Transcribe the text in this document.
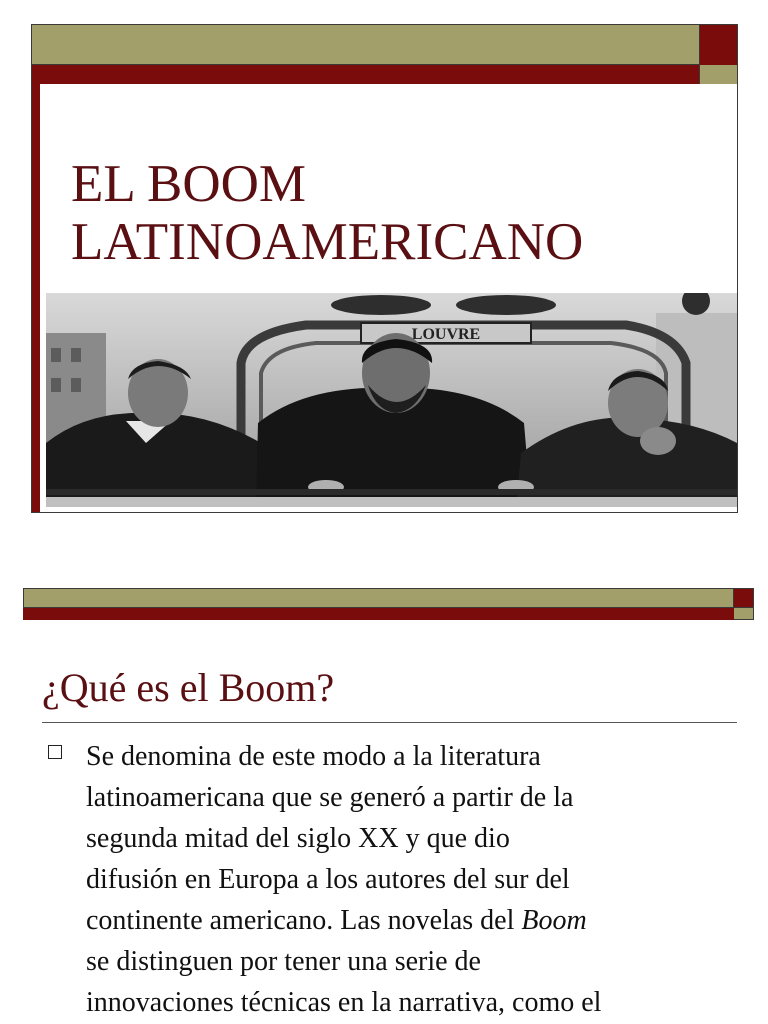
EL BOOM
LATINOAMERICANO
LOUVRE
¿Qué es el Boom?

Se denomina de este modo a la literatura
latinoamericana que se generó a partir de la
segunda mitad del siglo XX y que dio
difusión en Europa a los autores del sur del
continente americano. Las novelas del Boom
se distinguen por tener una serie de
innovaciones técnicas en la narrativa, como el
